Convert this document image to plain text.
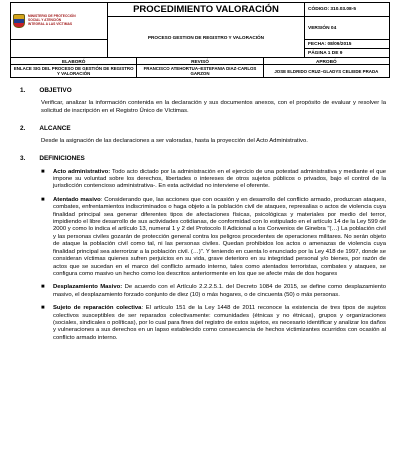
MINISTERIO DE PROTECCIÓN
SOCIAL Y ATENCIÓN
INTEGRAL A LAS VÍCTIMAS	PROCEDIMIENTO VALORACIÓN	CÓDIGO: 310.03.08-5
	PROCESO GESTION DE REGISTRO Y VALORACIÓN	VERSIÓN 04
		FECHA: 08/09/2015
		PÁGINA 1 DE 9
ELABORÓ	REVISÓ	APROBÓ
ENLACE SIG DEL PROCESO DE GESTIÓN DE REGISTRO Y VALORACIÓN	FRANCISCO ATEHORTUA–ESTEFANIA DIAZ-CARLOS GARZON	JOSE ELDRIDO CRUZ–GLADYS CELEIDE PRADA
1. OBJETIVO
Verificar, analizar la información contenida en la declaración y sus documentos anexos, con el propósito de evaluar y resolver la solicitud de inscripción en el Registro Único de Víctimas.
2. ALCANCE
Desde la asignación de las declaraciones a ser valoradas, hasta la proyección del Acto Administrativo.
3. DEFINICIONES
■	Acto administrativo: Todo acto dictado por la administración en el ejercicio de una potestad administrativa y mediante el que impone su voluntad sobre los derechos, libertades o intereses de otros sujetos públicos o privados, bajo el control de la jurisdicción contencioso administrativa-. En esta actividad no interviene el oferente.
■	Atentado masivo: Considerando que, las acciones que con ocasión y en desarrollo del conflicto armado, produzcan ataques, combates, enfrentamientos indiscriminados o haga objeto a la población civil de ataques, represalias o actos de violencia cuya finalidad principal sea generar diferentes tipos de afectaciones físicas, psicológicas y materiales por medio del terror, impidiendo el libre desarrollo de sus actividades cotidianas, de conformidad con lo estipulado en el artículo 14 de la Ley 599 de 2000 y como lo indica el artículo 13, numeral 1 y 2 del Protocolo II Adicional a los Convenios de Ginebra "(…) La población civil y las personas civiles gozarán de protección general contra los peligros procedentes de operaciones militares. No serán objeto de ataque la población civil como tal, ni las personas civiles. Quedan prohibidos los actos o amenazas de violencia cuya finalidad principal sea aterrorizar a la población civil. (…)". Y teniendo en cuenta lo enunciado por la Ley 418 de 1997, donde se consideran víctimas quienes sufren perjuicios en su vida, grave deterioro en su integridad personal y/o bienes, por razón de actos que se sucedan en el marco del conflicto armado interno, tales como atentados terroristas, combates y ataques, se configura como masivo un hecho como los descritos anteriormente en los que se afecte más de dos hogares
■	Desplazamiento Masivo: De acuerdo con el Artículo 2.2.2.5.1. del Decreto 1084 de 2015, se define como desplazamiento masivo, el desplazamiento forzado conjunto de diez (10) o más hogares, o de cincuenta (50) o más personas.
■	Sujeto de reparación colectiva: El artículo 151 de la Ley 1448 de 2011 reconoce la existencia de tres tipos de sujetos colectivos susceptibles de ser reparados colectivamente: comunidades (étnicas y no étnicas), grupos y organizaciones (sociales, sindicales o políticas), por lo cual para fines del registro de estos sujetos, es necesario identificar y analizar los daños y vulneraciones a sus derechos en un lapso establecido como consecuencia de hechos victimizantes ocurridos con ocasión al conflicto armado interno.
